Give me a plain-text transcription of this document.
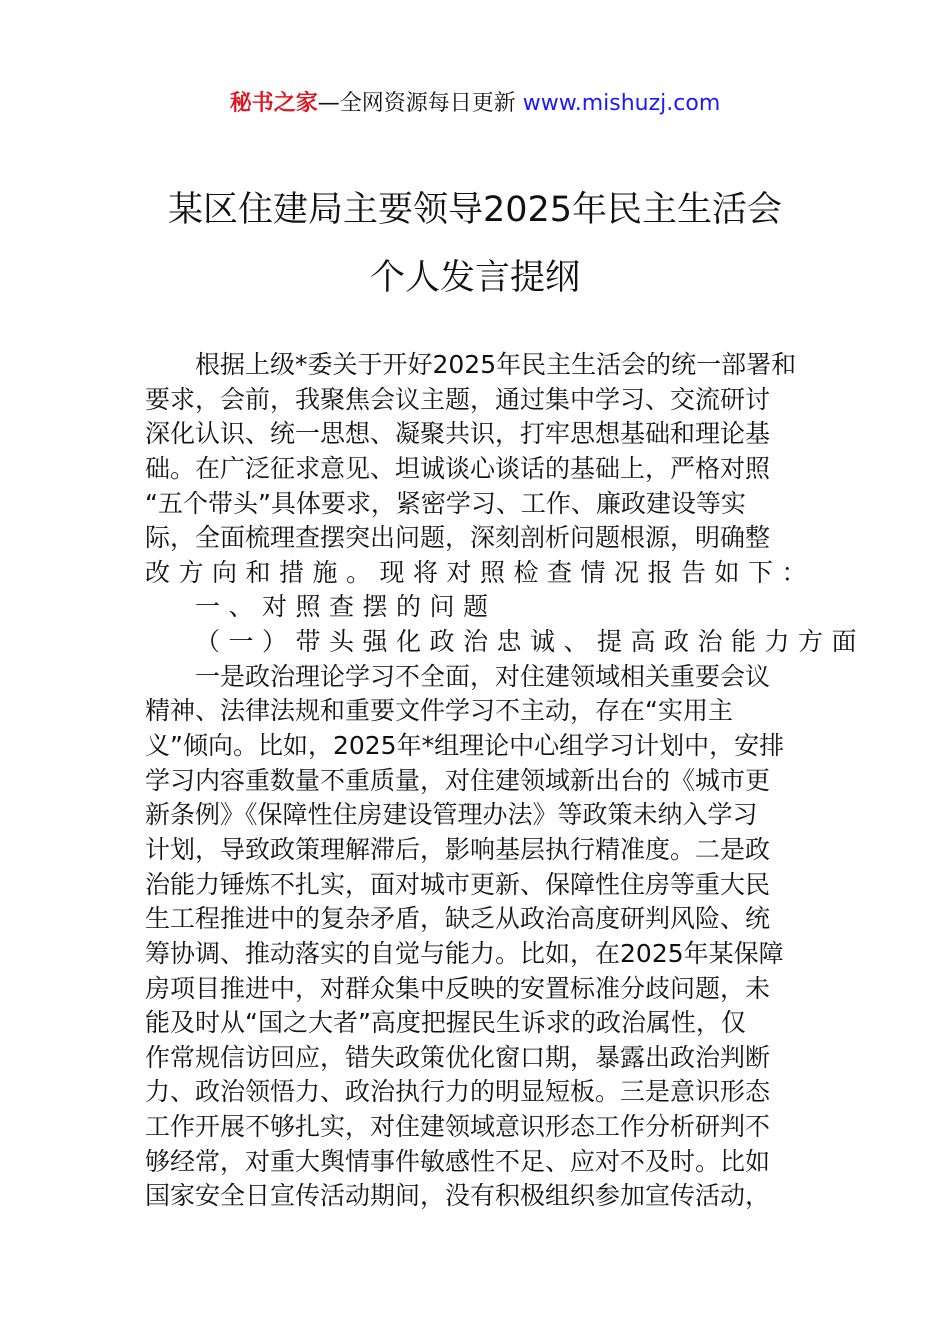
秘书之家—全网资源每日更新 www.mishuzj.com
某区住建局主要领导2025年民主生活会
个人发言提纲
根据上级*委关于开好2025年民主生活会的统一部署和
要求，会前，我聚焦会议主题，通过集中学习、交流研讨
深化认识、统一思想、凝聚共识，打牢思想基础和理论基
础。在广泛征求意见、坦诚谈心谈话的基础上，严格对照
“五个带头”具体要求，紧密学习、工作、廉政建设等实
际，全面梳理查摆突出问题，深刻剖析问题根源，明确整
改方向和措施。现将对照检查情况报告如下：
一、对照查摆的问题
（一）带头强化政治忠诚、提高政治能力方面
一是政治理论学习不全面，对住建领域相关重要会议
精神、法律法规和重要文件学习不主动，存在“实用主
义”倾向。比如，2025年*组理论中心组学习计划中，安排
学习内容重数量不重质量，对住建领域新出台的《城市更
新条例》《保障性住房建设管理办法》等政策未纳入学习
计划，导致政策理解滞后，影响基层执行精准度。二是政
治能力锤炼不扎实，面对城市更新、保障性住房等重大民
生工程推进中的复杂矛盾，缺乏从政治高度研判风险、统
筹协调、推动落实的自觉与能力。比如，在2025年某保障
房项目推进中，对群众集中反映的安置标准分歧问题，未
能及时从“国之大者”高度把握民生诉求的政治属性，仅
作常规信访回应，错失政策优化窗口期，暴露出政治判断
力、政治领悟力、政治执行力的明显短板。三是意识形态
工作开展不够扎实，对住建领域意识形态工作分析研判不
够经常，对重大舆情事件敏感性不足、应对不及时。比如
国家安全日宣传活动期间，没有积极组织参加宣传活动，
